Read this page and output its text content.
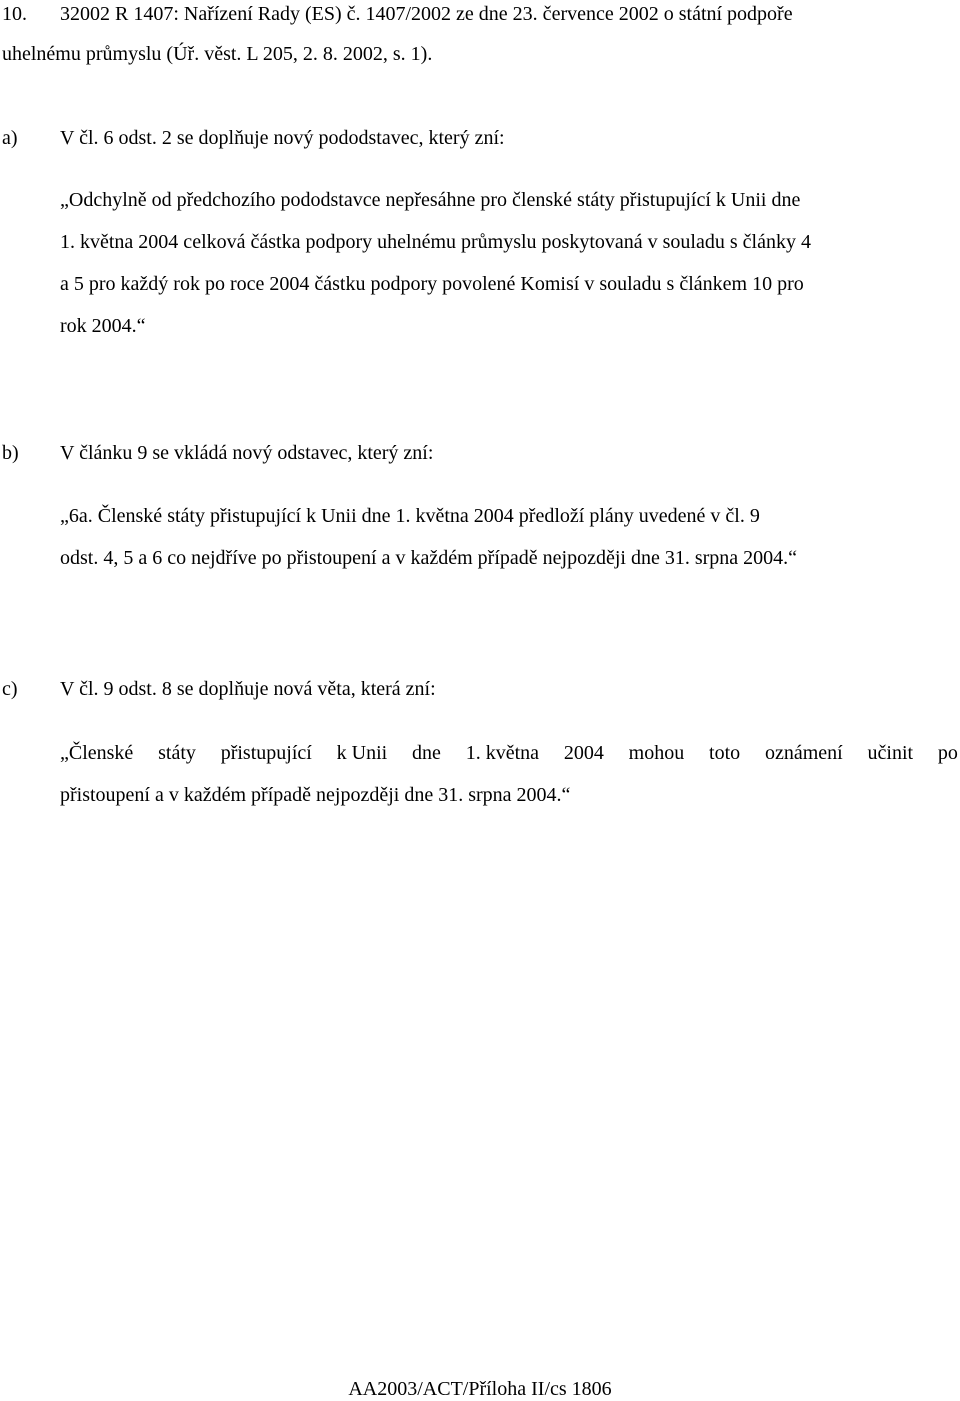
10. 32002 R 1407: Nařízení Rady (ES) č. 1407/2002 ze dne 23. července 2002 o státní podpoře
uhelnému průmyslu (Úř. věst. L 205, 2. 8. 2002, s. 1).
a) V čl. 6 odst. 2 se doplňuje nový pododstavec, který zní:
„Odchylně od předchozího pododstavce nepřesáhne pro členské státy přistupující k Unii dne
1. května 2004 celková částka podpory uhelnému průmyslu poskytovaná v souladu s články 4
a 5 pro každý rok po roce 2004 částku podpory povolené Komisí v souladu s článkem 10 pro
rok 2004.“
b) V článku 9 se vkládá nový odstavec, který zní:
„6a. Členské státy přistupující k Unii dne 1. května 2004 předloží plány uvedené v čl. 9
odst. 4, 5 a 6 co nejdříve po přistoupení a v každém případě nejpozději dne 31. srpna 2004.“
c) V čl. 9 odst. 8 se doplňuje nová věta, která zní:
„Členské státy přistupující k Unii dne 1. května 2004 mohou toto oznámení učinit po
přistoupení a v každém případě nejpozději dne 31. srpna 2004.“
AA2003/ACT/Příloha II/cs 1806
